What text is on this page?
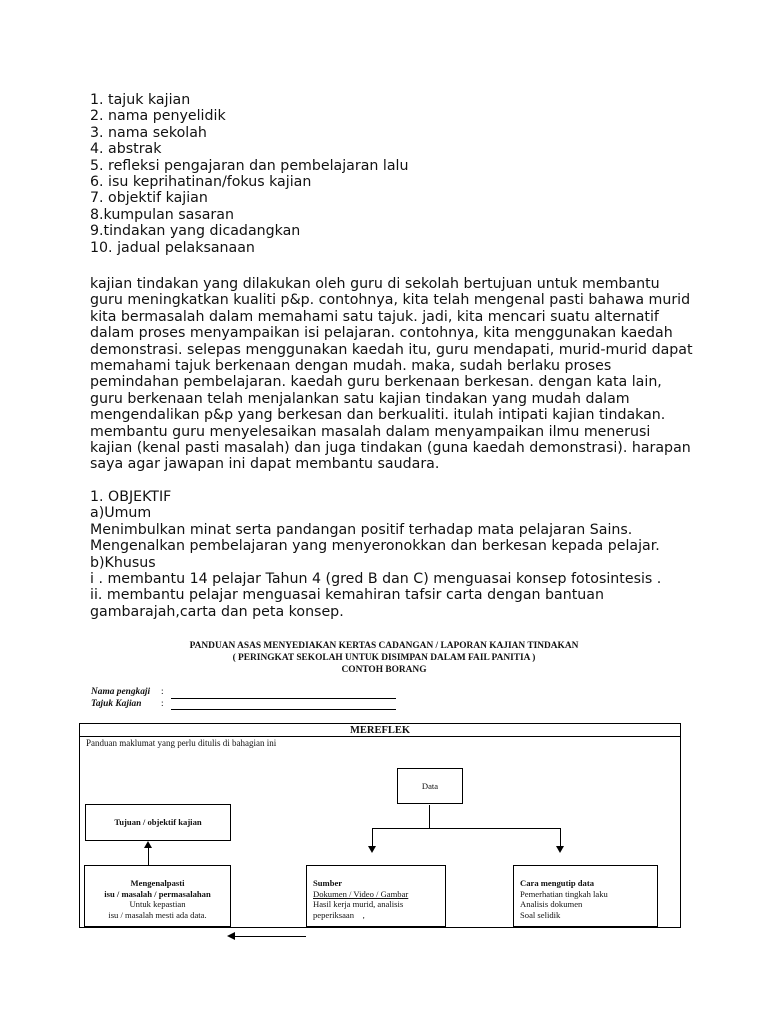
1. tajuk kajian
2. nama penyelidik
3. nama sekolah
4. abstrak
5. refleksi pengajaran dan pembelajaran lalu
6. isu keprihatinan/fokus kajian
7. objektif kajian
8.kumpulan sasaran
9.tindakan yang dicadangkan
10. jadual pelaksanaan
kajian tindakan yang dilakukan oleh guru di sekolah bertujuan untuk membantu
guru meningkatkan kualiti p&p. contohnya, kita telah mengenal pasti bahawa murid
kita bermasalah dalam memahami satu tajuk. jadi, kita mencari suatu alternatif
dalam proses menyampaikan isi pelajaran. contohnya, kita menggunakan kaedah
demonstrasi. selepas menggunakan kaedah itu, guru mendapati, murid-murid dapat
memahami tajuk berkenaan dengan mudah. maka, sudah berlaku proses
pemindahan pembelajaran. kaedah guru berkenaan berkesan. dengan kata lain,
guru berkenaan telah menjalankan satu kajian tindakan yang mudah dalam
mengendalikan p&p yang berkesan dan berkualiti. itulah intipati kajian tindakan.
membantu guru menyelesaikan masalah dalam menyampaikan ilmu menerusi
kajian (kenal pasti masalah) dan juga tindakan (guna kaedah demonstrasi). harapan
saya agar jawapan ini dapat membantu saudara.
1. OBJEKTIF
a)Umum
Menimbulkan minat serta pandangan positif terhadap mata pelajaran Sains.
Mengenalkan pembelajaran yang menyeronokkan dan berkesan kepada pelajar.
b)Khusus
i . membantu 14 pelajar Tahun 4 (gred B dan C) menguasai konsep fotosintesis .
ii. membantu pelajar menguasai kemahiran tafsir carta dengan bantuan
gambarajah,carta dan peta konsep.
PANDUAN ASAS MENYEDIAKAN KERTAS CADANGAN / LAPORAN KAJIAN TINDAKAN
( PERINGKAT SEKOLAH UNTUK DISIMPAN DALAM FAIL PANITIA )
CONTOH BORANG
Nama pengkaji	:
Tajuk Kajian	:
MEREFLEK
Panduan maklumat yang perlu ditulis di bahagian ini
Data
Tujuan / objektif kajian
Mengenalpasti
isu / masalah / permasalahan
Untuk kepastian
isu / masalah mesti ada data.
Sumber
Dokumen / Video / Gambar
Hasil kerja murid, analisis
peperiksaan    ,
Cara mengutip data
Pemerhatian tingkah laku
Analisis dokumen
Soal selidik
